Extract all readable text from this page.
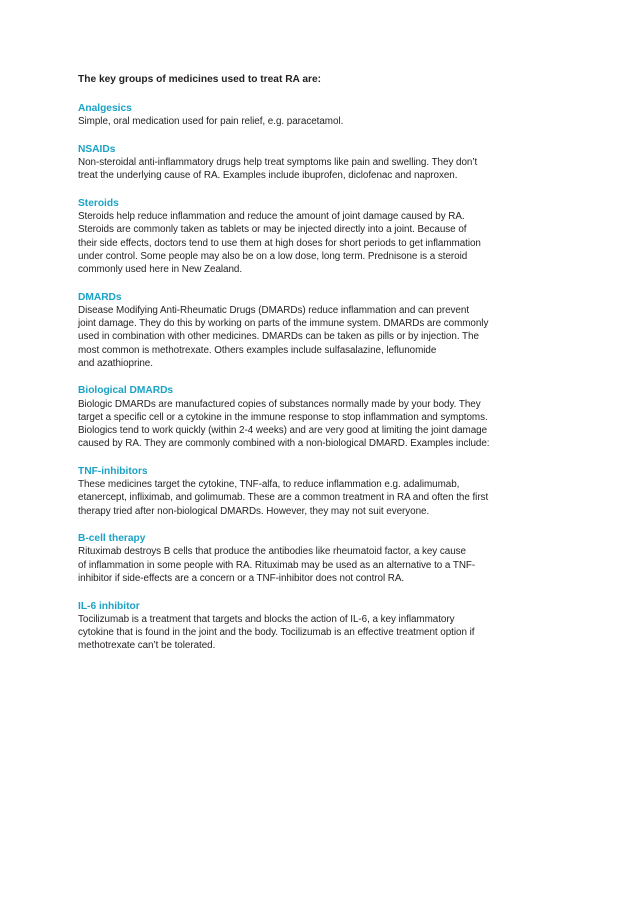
The key groups of medicines used to treat RA are:

Analgesics

Simple, oral medication used for pain relief, e.g. paracetamol.

NSAIDs

Non-steroidal anti-inflammatory drugs help treat symptoms like pain and swelling. They don’t

treat the underlying cause of RA. Examples include ibuprofen, diclofenac and naproxen.

Steroids

Steroids help reduce inflammation and reduce the amount of joint damage caused by RA.

Steroids are commonly taken as tablets or may be injected directly into a joint. Because of

their side effects, doctors tend to use them at high doses for short periods to get inflammation

under control. Some people may also be on a low dose, long term. Prednisone is a steroid

commonly used here in New Zealand.

DMARDs

Disease Modifying Anti-Rheumatic Drugs (DMARDs) reduce inflammation and can prevent

joint damage. They do this by working on parts of the immune system. DMARDs are commonly

used in combination with other medicines. DMARDs can be taken as pills or by injection. The

most common is methotrexate. Others examples include sulfasalazine, leflunomide

and azathioprine.

Biological DMARDs

Biologic DMARDs are manufactured copies of substances normally made by your body. They

target a specific cell or a cytokine in the immune response to stop inflammation and symptoms.

Biologics tend to work quickly (within 2-4 weeks) and are very good at limiting the joint damage

caused by RA. They are commonly combined with a non-biological DMARD. Examples include:

TNF-inhibitors

These medicines target the cytokine, TNF-alfa, to reduce inflammation e.g. adalimumab,

etanercept, infliximab, and golimumab. These are a common treatment in RA and often the first

therapy tried after non-biological DMARDs. However, they may not suit everyone.

B-cell therapy

Rituximab destroys B cells that produce the antibodies like rheumatoid factor, a key cause

of inflammation in some people with RA. Rituximab may be used as an alternative to a TNF-

inhibitor if side-effects are a concern or a TNF-inhibitor does not control RA.

IL-6 inhibitor

Tocilizumab is a treatment that targets and blocks the action of IL-6, a key inflammatory

cytokine that is found in the joint and the body. Tocilizumab is an effective treatment option if

methotrexate can’t be tolerated.
